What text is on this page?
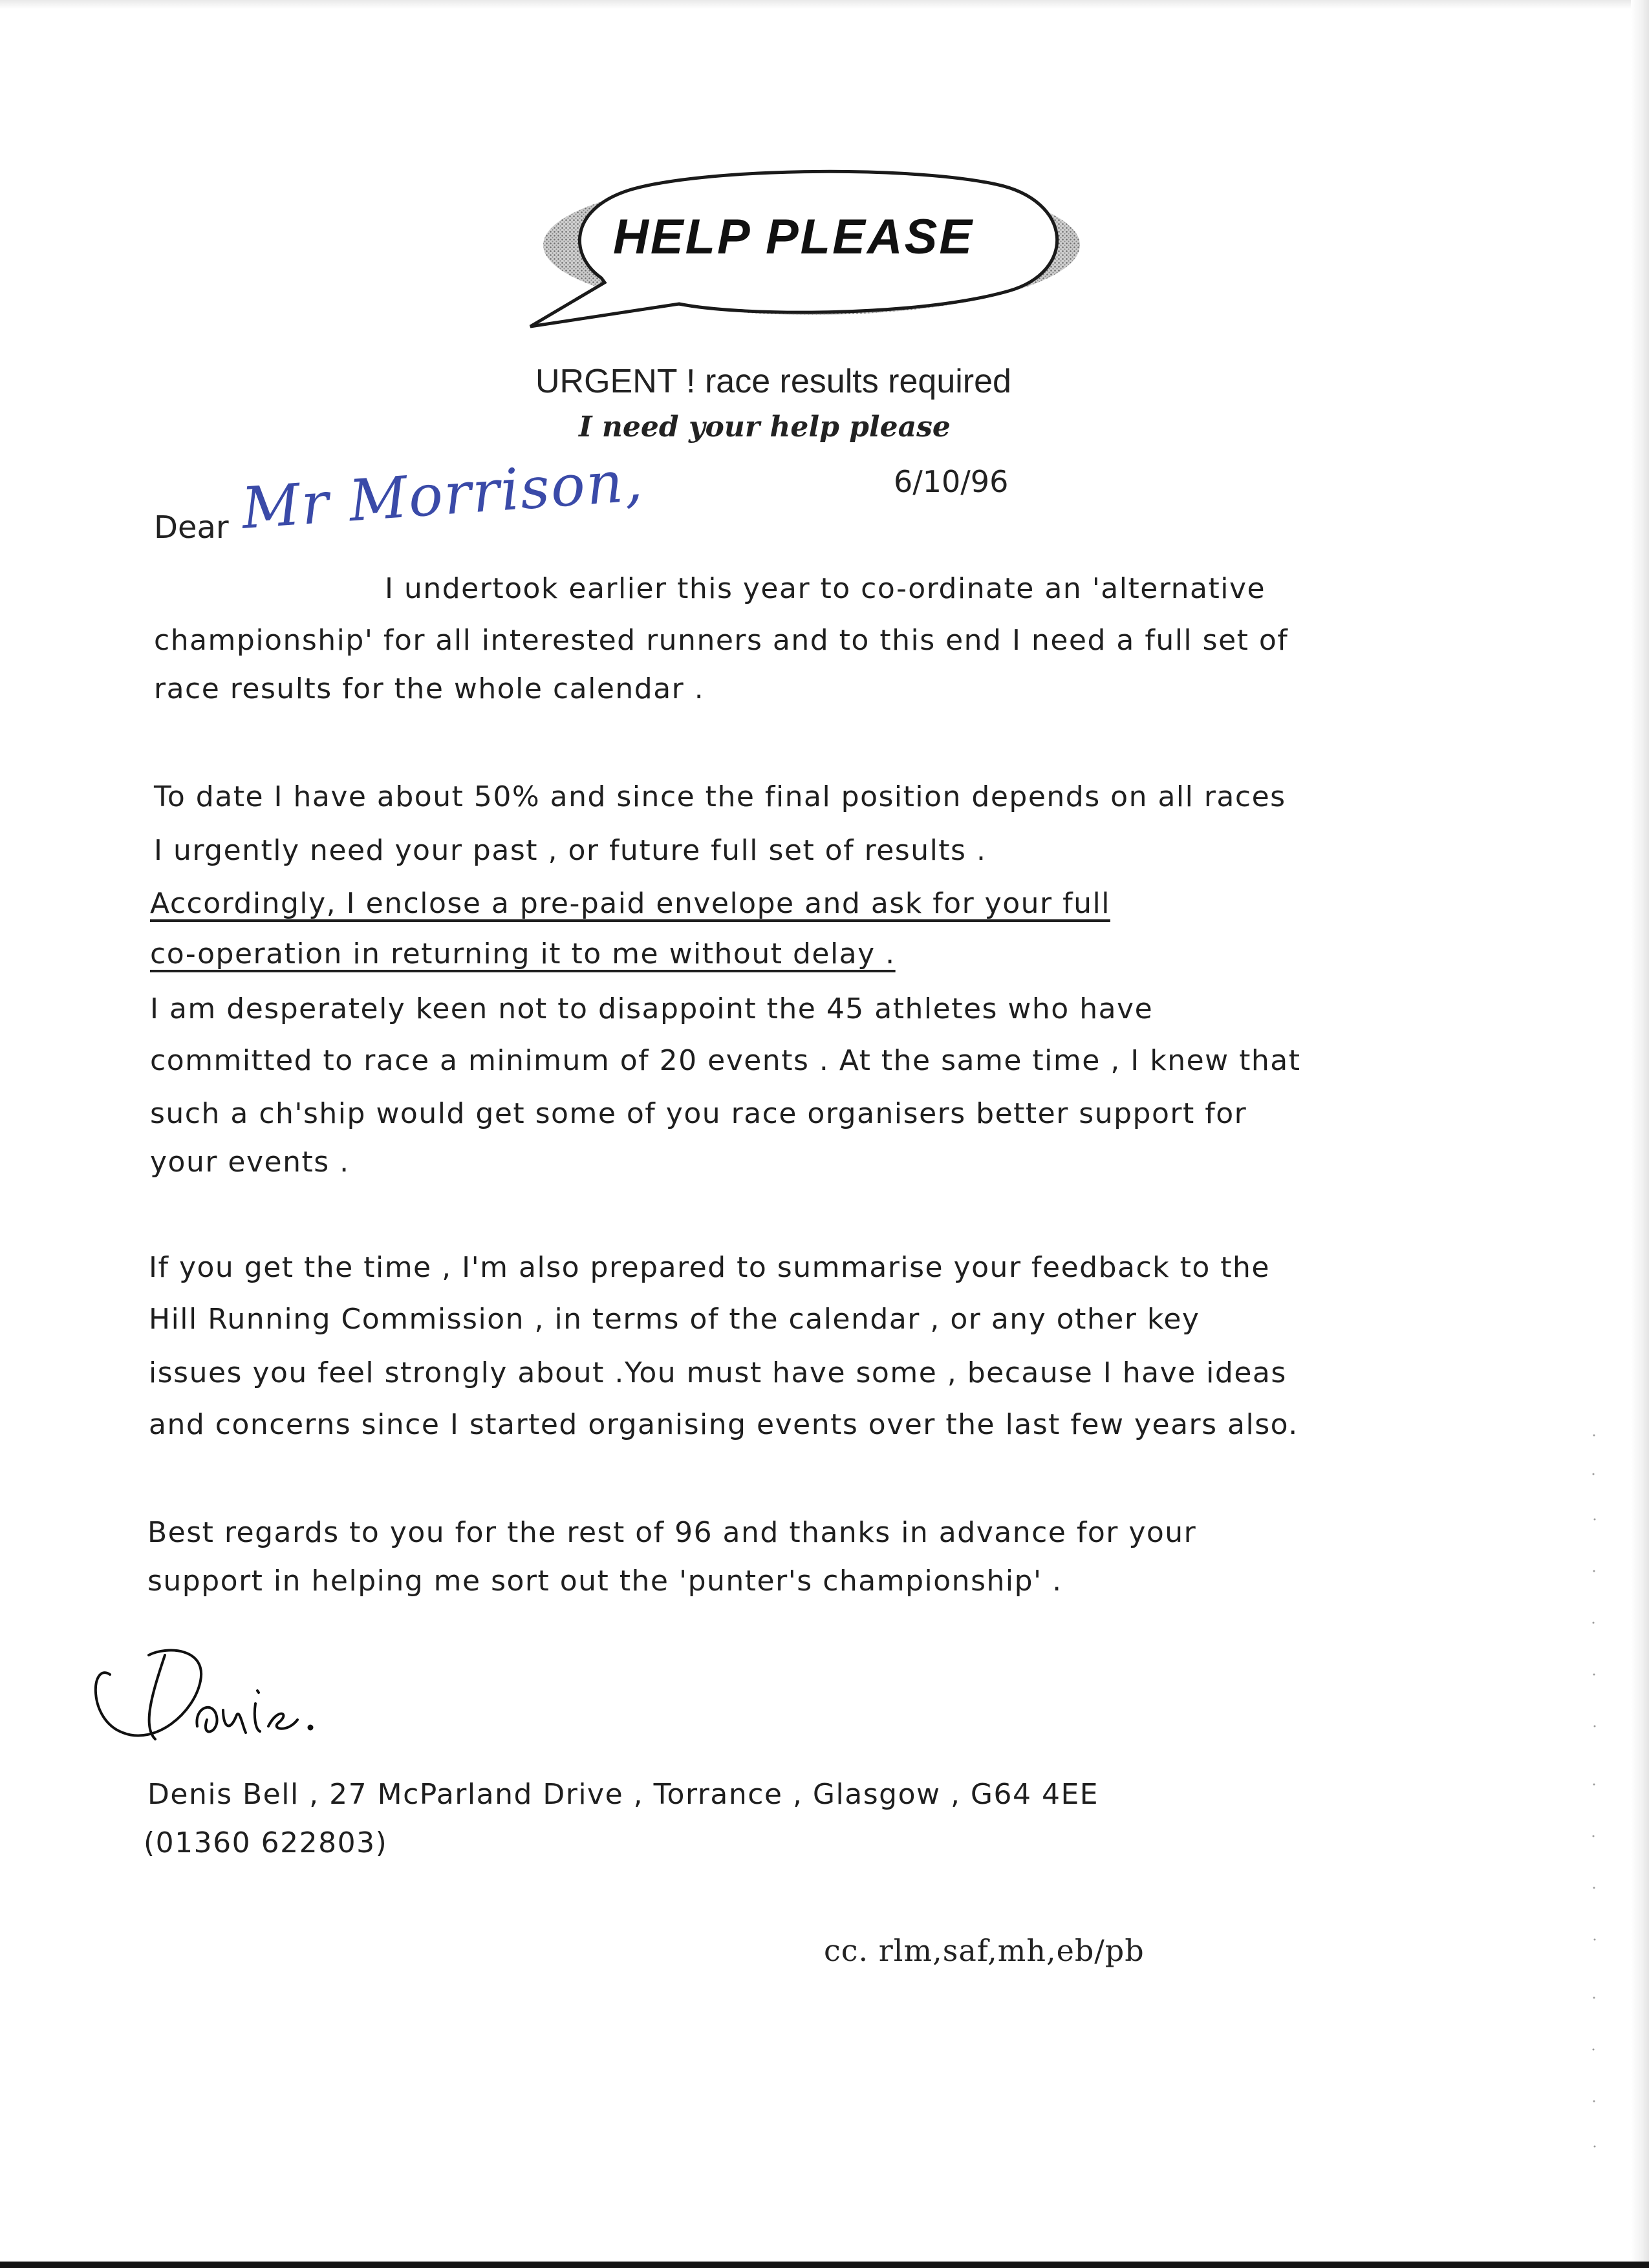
HELP PLEASE
URGENT ! race results required
I need your help please
6/10/96
Dear Mr Morrison,
I undertook earlier this year to co-ordinate an 'alternative
championship' for all interested runners and to this end I need a full set of
race results for the whole calendar .
To date I have about 50% and since the final position depends on all races
I urgently need your past , or future full set of results .
Accordingly, I enclose a pre-paid envelope and ask for your full
co-operation in returning it to me without delay .
I am desperately keen not to disappoint the 45 athletes who have
committed to race a minimum of 20 events . At the same time , I knew that
such a ch'ship would get some of you race organisers better support for
your events .
If you get the time , I'm also prepared to summarise your feedback to the
Hill Running Commission , in terms of the calendar , or any other key
issues you feel strongly about .You must have some , because I have ideas
and concerns since I started organising events over the last few years also.
Best regards to you for the rest of 96 and thanks in advance for your
support in helping me sort out the 'punter's championship' .
Denis Bell , 27 McParland Drive , Torrance , Glasgow , G64 4EE
(01360 622803)
cc. rlm,saf,mh,eb/pb
